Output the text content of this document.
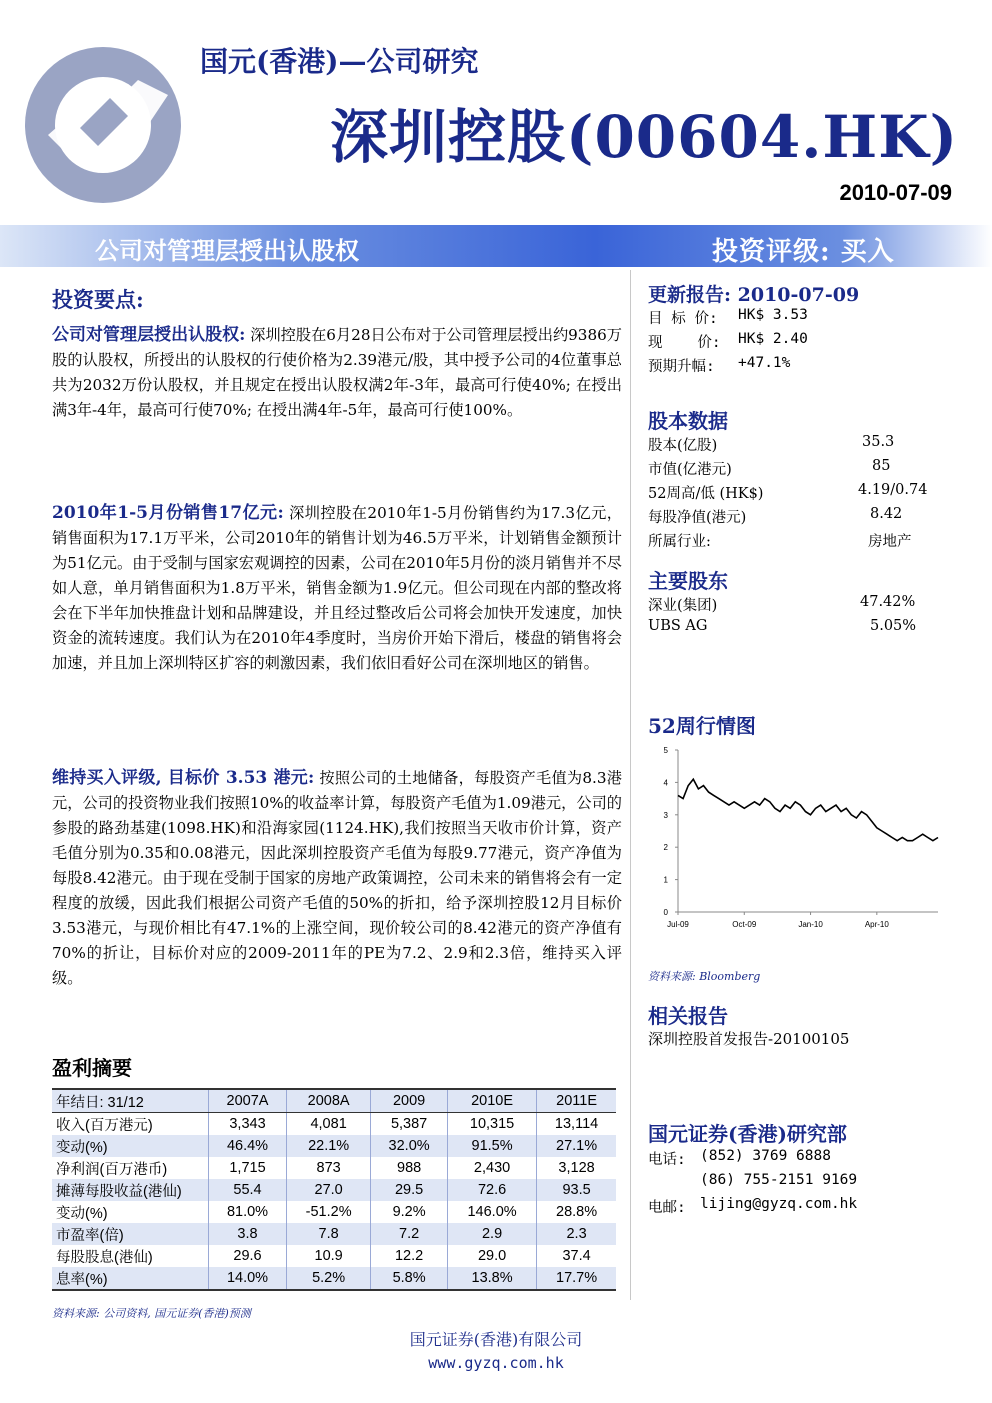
国元(香港)—公司研究
深圳控股(00604.HK)
2010-07-09
公司对管理层授出认股权	投资评级: 买入
投资要点:
公司对管理层授出认股权: 深圳控股在6月28日公布对于公司管理层授出约9386万股的认股权，所授出的认股权的行使价格为2.39港元/股，其中授予公司的4位董事总共为2032万份认股权，并且规定在授出认股权满2年-3年，最高可行使40%; 在授出满3年-4年，最高可行使70%; 在授出满4年-5年，最高可行使100%。
2010年1-5月份销售17亿元: 深圳控股在2010年1-5月份销售约为17.3亿元，销售面积为17.1万平米，公司2010年的销售计划为46.5万平米，计划销售金额预计为51亿元。由于受制与国家宏观调控的因素，公司在2010年5月份的淡月销售并不尽如人意，单月销售面积为1.8万平米，销售金额为1.9亿元。但公司现在内部的整改将会在下半年加快推盘计划和品牌建设，并且经过整改后公司将会加快开发速度，加快资金的流转速度。我们认为在2010年4季度时，当房价开始下滑后，楼盘的销售将会加速，并且加上深圳特区扩容的刺激因素，我们依旧看好公司在深圳地区的销售。
维持买入评级, 目标价 3.53 港元: 按照公司的土地储备，每股资产毛值为8.3港元，公司的投资物业我们按照10%的收益率计算，每股资产毛值为1.09港元，公司的参股的路劲基建(1098.HK)和沿海家园(1124.HK),我们按照当天收市价计算，资产毛值分别为0.35和0.08港元，因此深圳控股资产毛值为每股9.77港元，资产净值为每股8.42港元。由于现在受制于国家的房地产政策调控，公司未来的销售将会有一定程度的放缓，因此我们根据公司资产毛值的50%的折扣，给予深圳控股12月目标价3.53港元，与现价相比有47.1%的上涨空间，现价较公司的8.42港元的资产净值有70%的折让，目标价对应的2009-2011年的PE为7.2、2.9和2.3倍，维持买入评级。
盈利摘要
年结日: 31/12	2007A	2008A	2009	2010E	2011E
收入(百万港元)	3,343	4,081	5,387	10,315	13,114
变动(%)	46.4%	22.1%	32.0%	91.5%	27.1%
净利润(百万港币)	1,715	873	988	2,430	3,128
摊薄每股收益(港仙)	55.4	27.0	29.5	72.6	93.5
变动(%)	81.0%	-51.2%	9.2%	146.0%	28.8%
市盈率(倍)	3.8	7.8	7.2	2.9	2.3
每股股息(港仙)	29.6	10.9	12.2	29.0	37.4
息率(%)	14.0%	5.2%	5.8%	13.8%	17.7%
资料来源: 公司资料, 国元证券(香港)预测
更新报告: 2010-07-09
目 标 价: HK$ 3.53
现    价: HK$ 2.40
预期升幅: +47.1%
股本数据
股本(亿股)	35.3
市值(亿港元)	85
52周高/低 (HK$)	4.19/0.74
每股净值(港元)	8.42
所属行业:	房地产
主要股东
深业(集团)	47.42%
UBS AG	5.05%
52周行情图
0
1
2
3
4
5
Jul-09	Oct-09	Jan-10	Apr-10
资料来源: Bloomberg
相关报告
深圳控股首发报告-20100105
国元证券(香港)研究部
电话: (852) 3769 6888
(86) 755-2151 9169
电邮: lijing@gyzq.com.hk
国元证券(香港)有限公司
www.gyzq.com.hk
